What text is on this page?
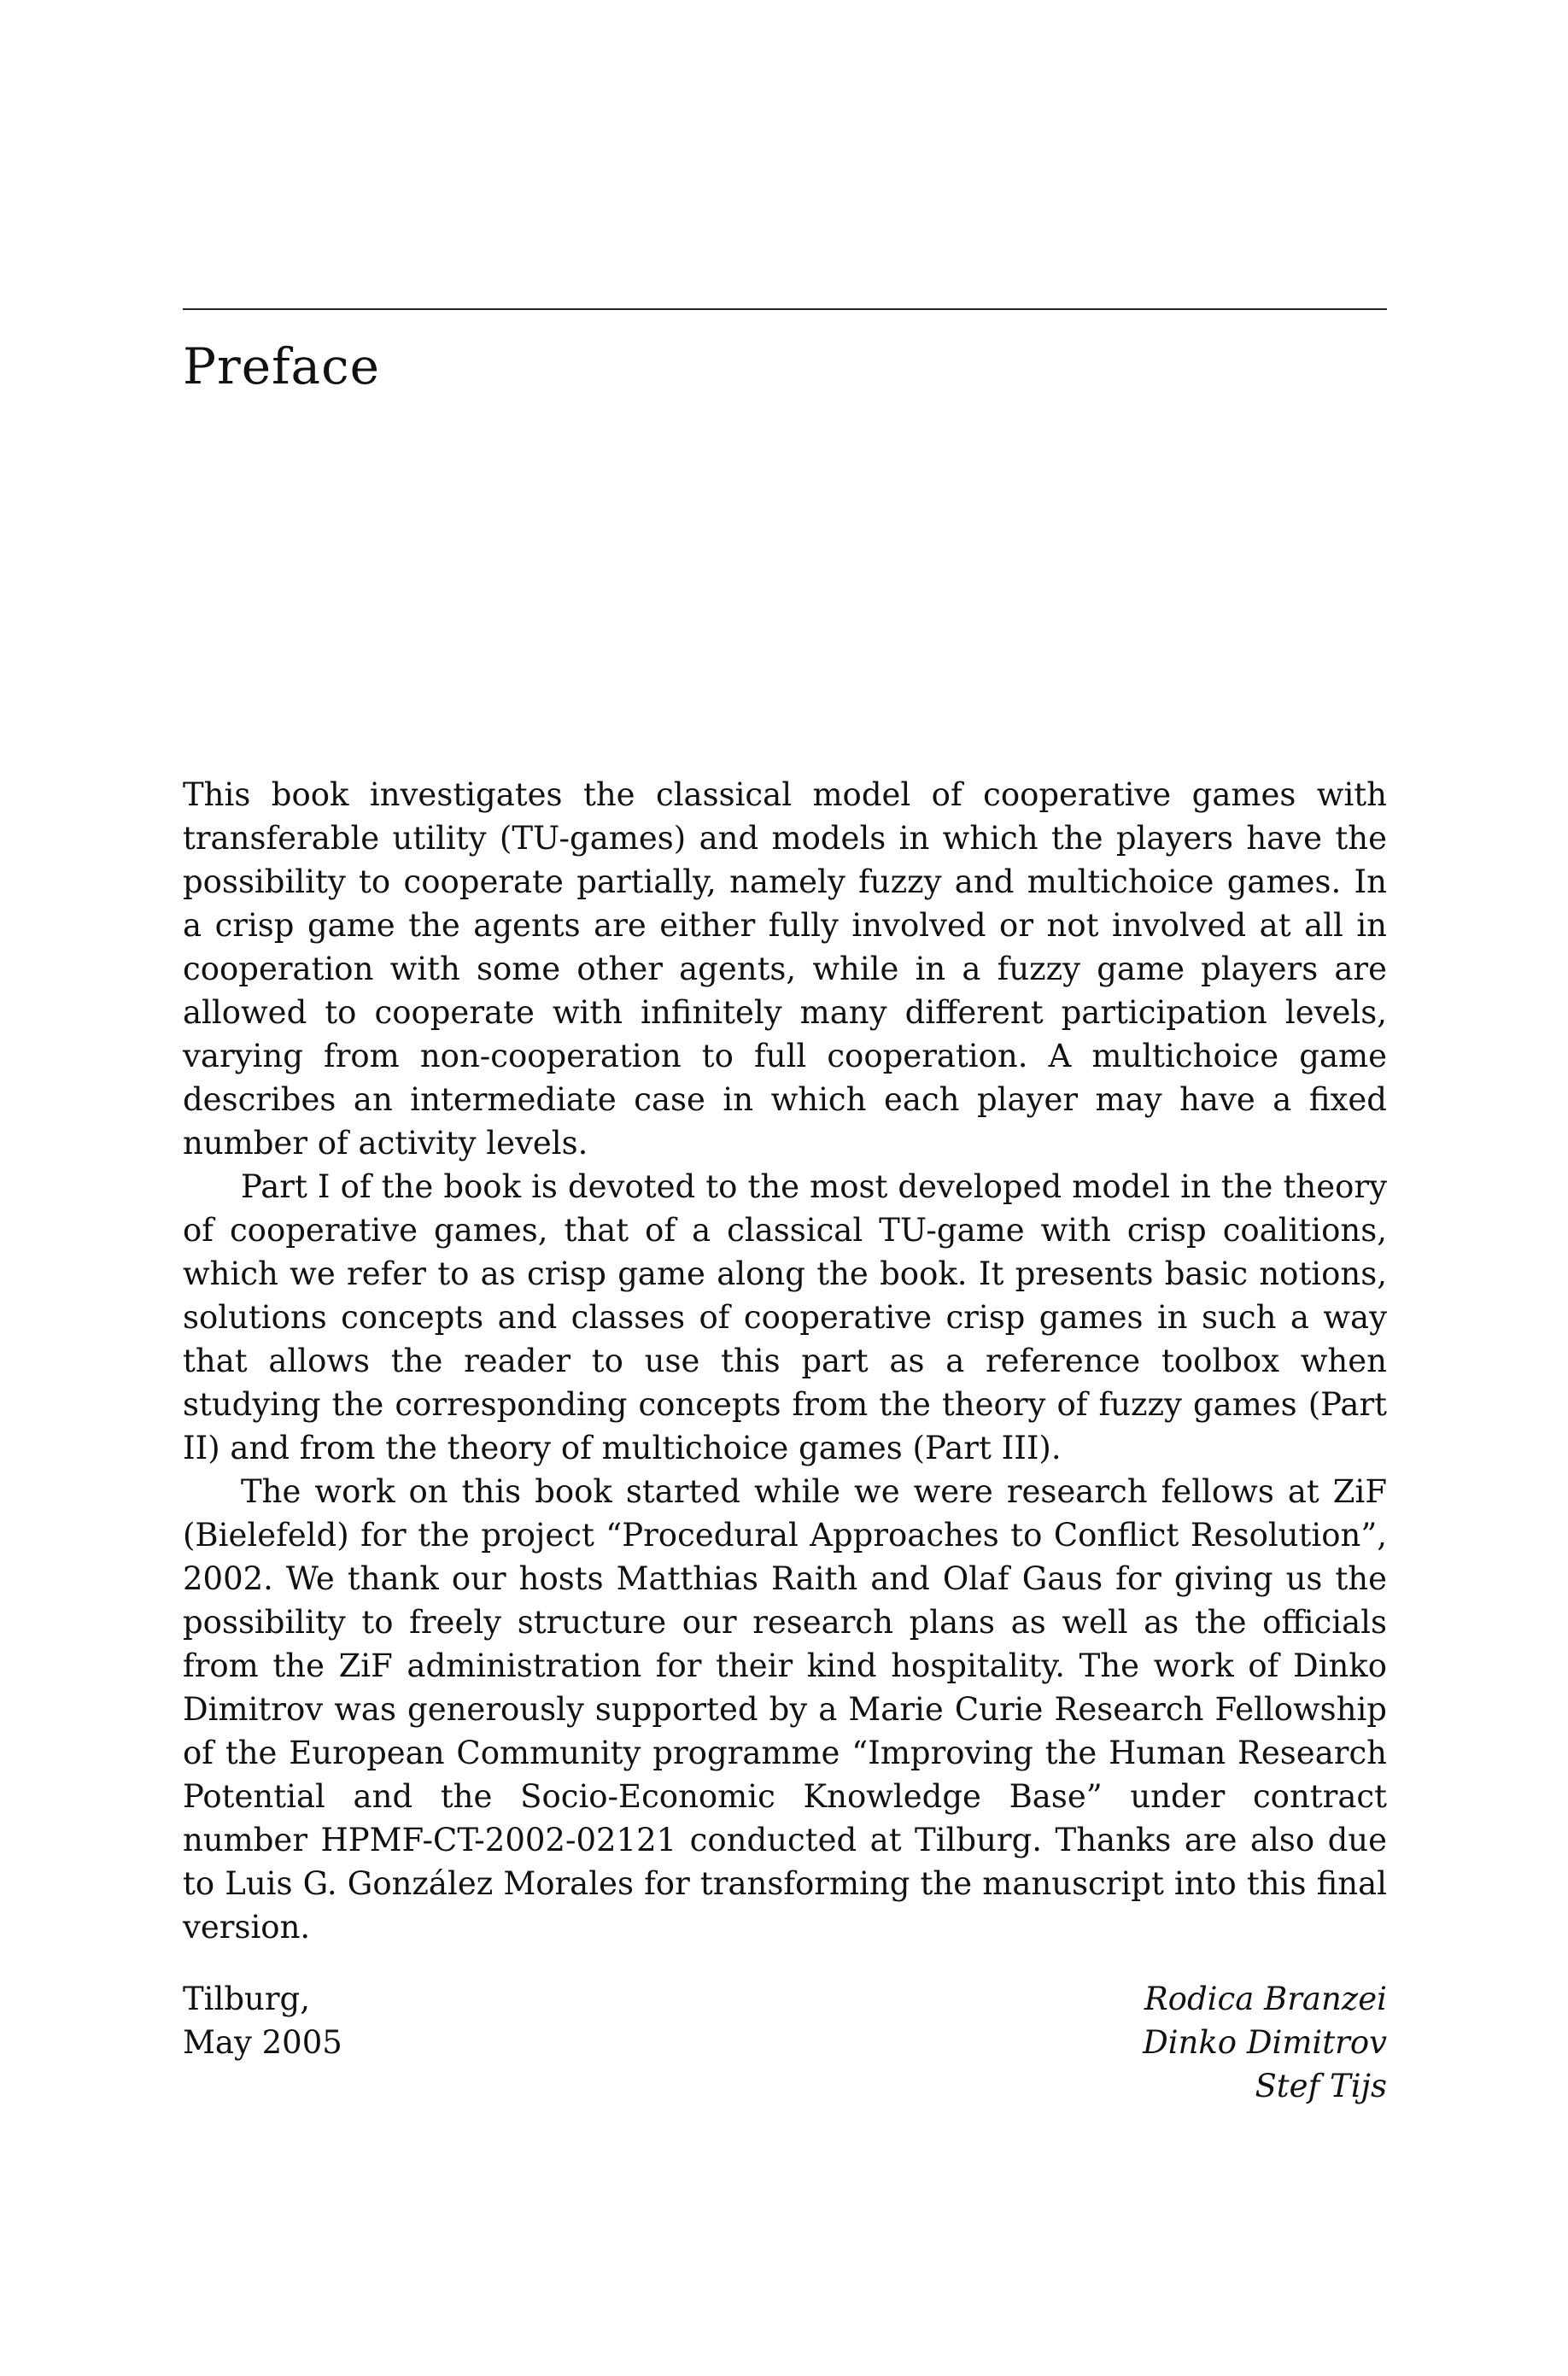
Preface

This book investigates the classical model of cooperative games with transferable utility (TU-games) and models in which the players have the possibility to cooperate partially, namely fuzzy and multichoice games. In a crisp game the agents are either fully involved or not involved at all in cooperation with some other agents, while in a fuzzy game players are allowed to cooperate with infinitely many different participation levels, varying from non-cooperation to full cooperation. A multichoice game describes an intermediate case in which each player may have a fixed number of activity levels.

Part I of the book is devoted to the most developed model in the theory of cooperative games, that of a classical TU-game with crisp coalitions, which we refer to as crisp game along the book. It presents basic notions, solutions concepts and classes of cooperative crisp games in such a way that allows the reader to use this part as a reference toolbox when studying the corresponding concepts from the theory of fuzzy games (Part II) and from the theory of multichoice games (Part III).

The work on this book started while we were research fellows at ZiF (Bielefeld) for the project “Procedural Approaches to Conflict Resolution”, 2002. We thank our hosts Matthias Raith and Olaf Gaus for giving us the possibility to freely structure our research plans as well as the officials from the ZiF administration for their kind hospitality. The work of Dinko Dimitrov was generously supported by a Marie Curie Research Fellowship of the European Community programme “Improving the Human Research Potential and the Socio-Economic Knowledge Base” under contract number HPMF-CT-2002-02121 conducted at Tilburg. Thanks are also due to Luis G. González Morales for transforming the manuscript into this final version.

Tilburg,
May 2005
Rodica Branzei
Dinko Dimitrov
Stef Tijs
